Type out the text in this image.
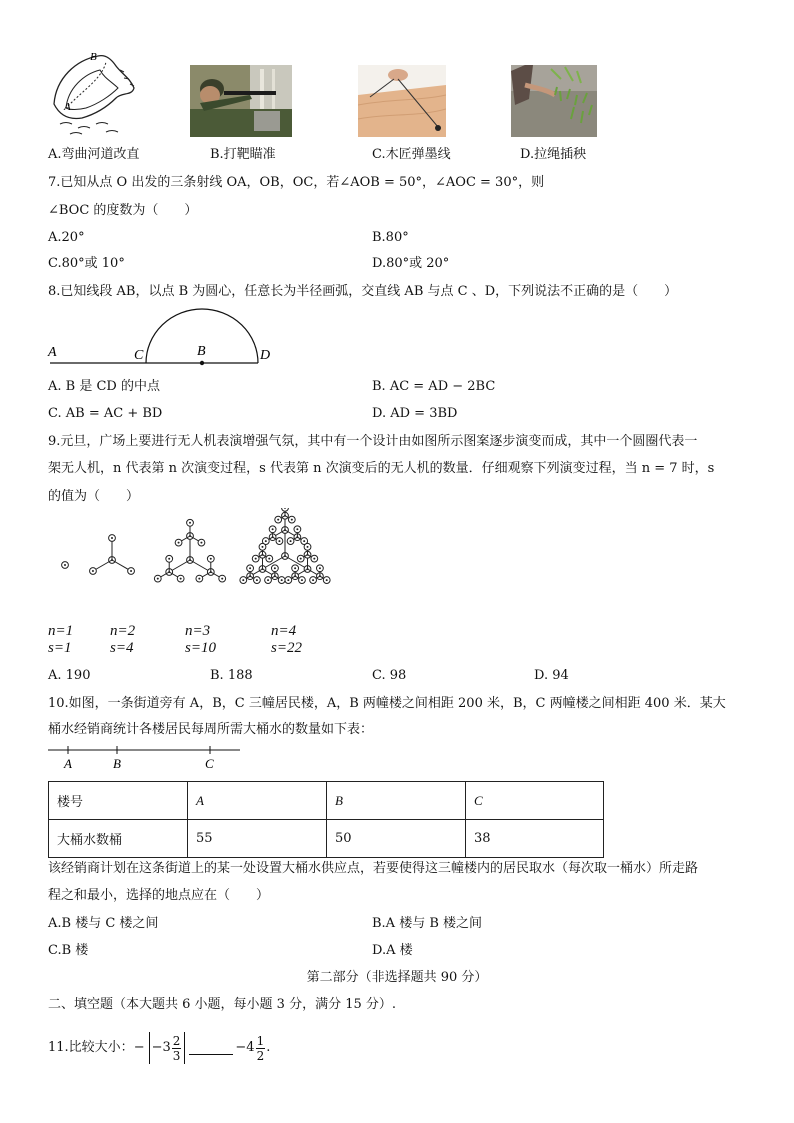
B
A
A.弯曲河道改直	B.打靶瞄准	C.木匠弹墨线	D.拉绳插秧
7.已知从点 O 出发的三条射线 OA，OB，OC，若∠AOB = 50°，∠AOC = 30°，则
∠BOC 的度数为（　　）
A.20°	B.80°
C.80°或 10°	D.80°或 20°
8.已知线段 AB，以点 B 为圆心，任意长为半径画弧，交直线 AB 与点 C 、D，下列说法不正确的是（　　）
A	C	B	D
A. B 是 CD 的中点	B. AC = AD − 2BC
C. AB = AC + BD	D. AD = 3BD
9.元旦，广场上要进行无人机表演增强气氛，其中有一个设计由如图所示图案逐步演变而成，其中一个圆圈代表一
架无人机，n 代表第 n 次演变过程，s 代表第 n 次演变后的无人机的数量．仔细观察下列演变过程，当 n = 7 时，s
的值为（　　）
n=1
s=1
n=2
s=4
n=3
s=10
n=4
s=22
A. 190	B. 188	C. 98	D. 94
10.如图，一条街道旁有 A，B，C 三幢居民楼，A，B 两幢楼之间相距 200 米，B，C 两幢楼之间相距 400 米．某大
桶水经销商统计各楼居民每周所需大桶水的数量如下表：
A	B	C
楼号	A	B	C
大桶水数桶	55	50	38
该经销商计划在这条街道上的某一处设置大桶水供应点，若要使得这三幢楼内的居民取水（每次取一桶水）所走路
程之和最小，选择的地点应在（　　）
A.B 楼与 C 楼之间	B.A 楼与 B 楼之间
C.B 楼	D.A 楼
第二部分（非选择题共 90 分）
二、填空题（本大题共 6 小题，每小题 3 分，满分 15 分）.
11.比较大小： − −3 2
3
−4 1
2
.
